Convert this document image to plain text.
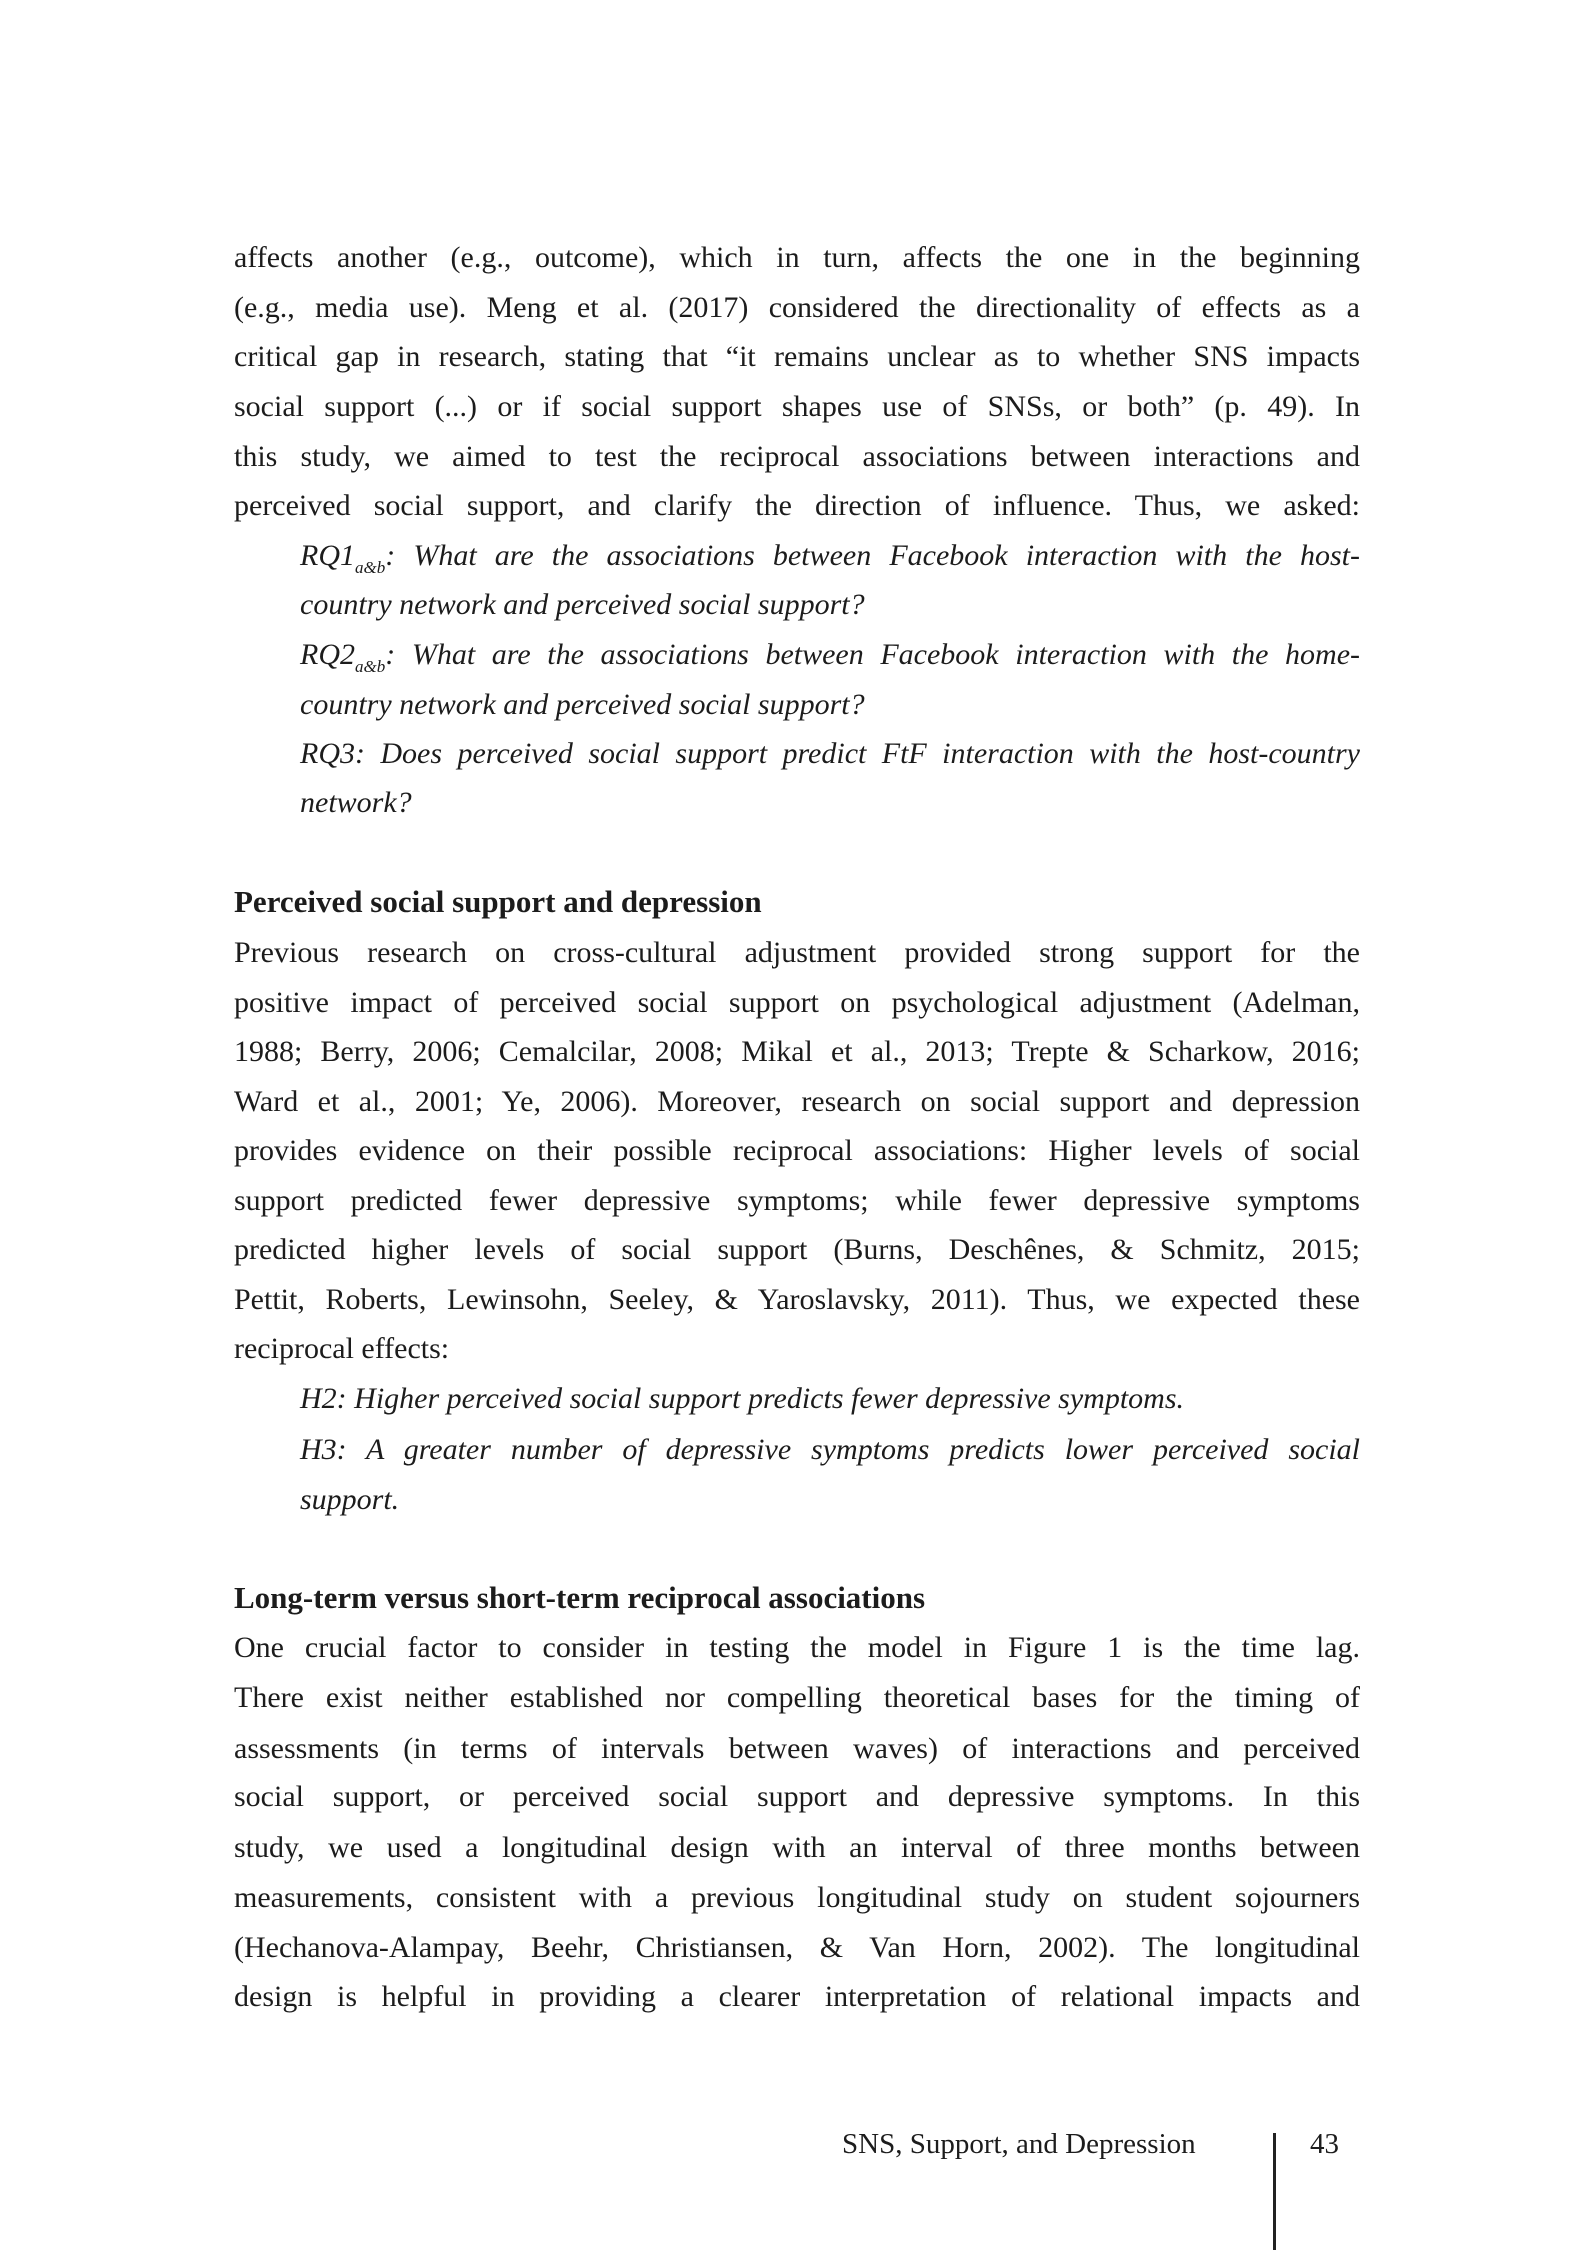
affects another (e.g., outcome), which in turn, affects the one in the beginning
(e.g., media use). Meng et al. (2017) considered the directionality of effects as a
critical gap in research, stating that “it remains unclear as to whether SNS impacts
social support (...) or if social support shapes use of SNSs, or both” (p. 49). In
this study, we aimed to test the reciprocal associations between interactions and
perceived social support, and clarify the direction of influence. Thus, we asked:
$RQ1_{a\&b}$: What are the associations between Facebook interaction with the host-
country network and perceived social support?
$RQ2_{a\&b}$: What are the associations between Facebook interaction with the home-
country network and perceived social support?
RQ3: Does perceived social support predict FtF interaction with the host-country
network?
Perceived social support and depression
Previous research on cross-cultural adjustment provided strong support for the
positive impact of perceived social support on psychological adjustment (Adelman,
1988; Berry, 2006; Cemalcilar, 2008; Mikal et al., 2013; Trepte & Scharkow, 2016;
Ward et al., 2001; Ye, 2006). Moreover, research on social support and depression
provides evidence on their possible reciprocal associations: Higher levels of social
support predicted fewer depressive symptoms; while fewer depressive symptoms
predicted higher levels of social support (Burns, Deschênes, & Schmitz, 2015;
Pettit, Roberts, Lewinsohn, Seeley, & Yaroslavsky, 2011). Thus, we expected these
reciprocal effects:
H2: Higher perceived social support predicts fewer depressive symptoms.
H3: A greater number of depressive symptoms predicts lower perceived social
support.
Long-term versus short-term reciprocal associations
One crucial factor to consider in testing the model in Figure 1 is the time lag.
There exist neither established nor compelling theoretical bases for the timing of
assessments (in terms of intervals between waves) of interactions and perceived
social support, or perceived social support and depressive symptoms. In this
study, we used a longitudinal design with an interval of three months between
measurements, consistent with a previous longitudinal study on student sojourners
(Hechanova-Alampay, Beehr, Christiansen, & Van Horn, 2002). The longitudinal
design is helpful in providing a clearer interpretation of relational impacts and
SNS, Support, and Depression	43
